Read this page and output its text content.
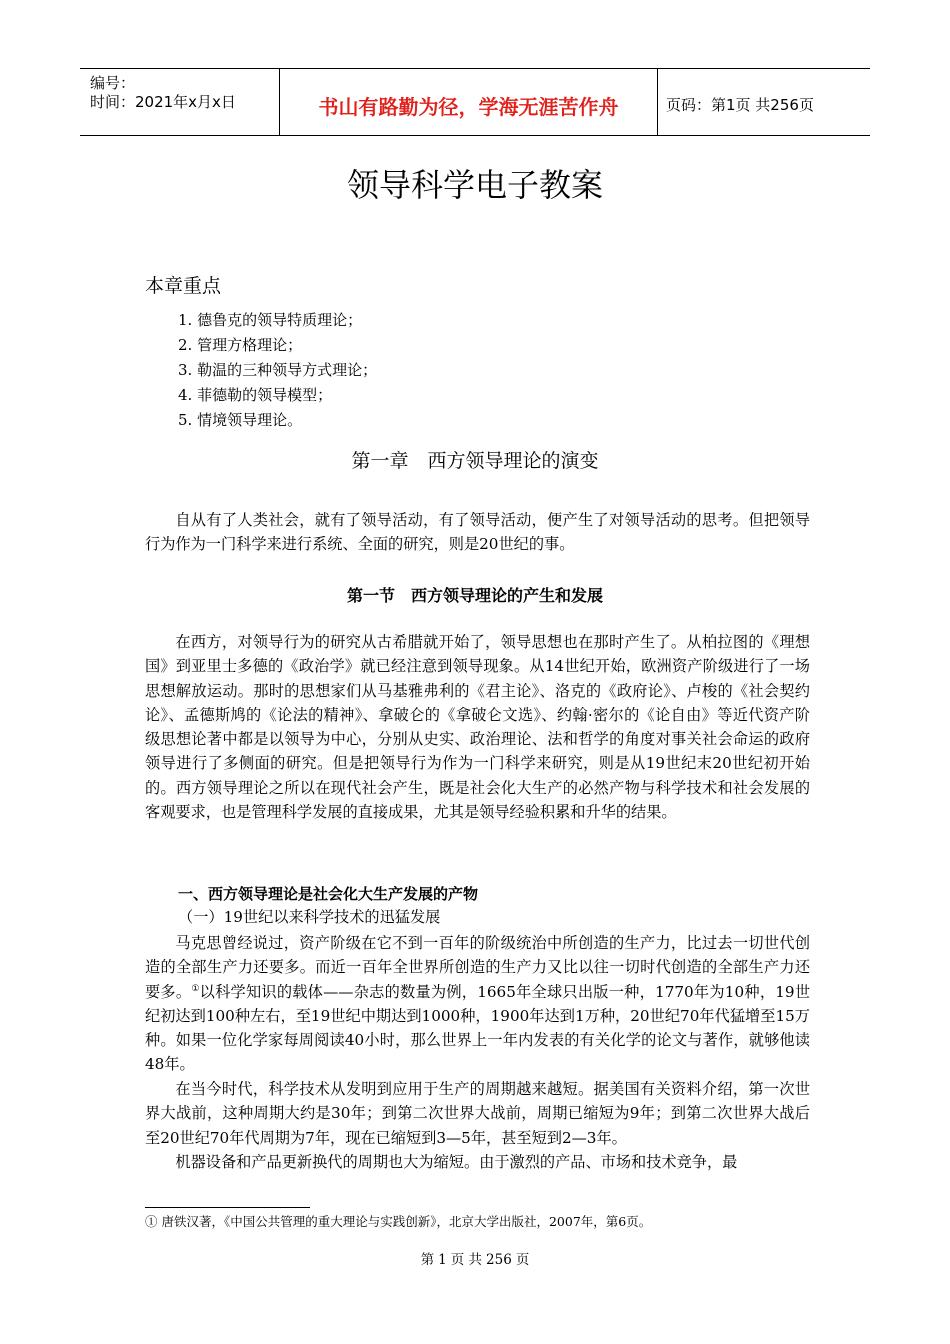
编号：
时间：2021年x月x日	书山有路勤为径，学海无涯苦作舟	页码：第1页 共256页
领导科学电子教案
本章重点
1. 德鲁克的领导特质理论；
2. 管理方格理论；
3. 勒温的三种领导方式理论；
4. 菲德勒的领导模型；
5. 情境领导理论。
第一章　西方领导理论的演变

自从有了人类社会，就有了领导活动，有了领导活动，便产生了对领导活动的思考。但把领导行为作为一门科学来进行系统、全面的研究，则是20世纪的事。

第一节　西方领导理论的产生和发展

在西方，对领导行为的研究从古希腊就开始了，领导思想也在那时产生了。从柏拉图的《理想国》到亚里士多德的《政治学》就已经注意到领导现象。从14世纪开始，欧洲资产阶级进行了一场思想解放运动。那时的思想家们从马基雅弗利的《君主论》、洛克的《政府论》、卢梭的《社会契约论》、孟德斯鸠的《论法的精神》、拿破仑的《拿破仑文选》、约翰·密尔的《论自由》等近代资产阶级思想论著中都是以领导为中心，分别从史实、政治理论、法和哲学的角度对事关社会命运的政府领导进行了多侧面的研究。但是把领导行为作为一门科学来研究，则是从19世纪末20世纪初开始的。西方领导理论之所以在现代社会产生，既是社会化大生产的必然产物与科学技术和社会发展的客观要求，也是管理科学发展的直接成果，尤其是领导经验积累和升华的结果。

一、西方领导理论是社会化大生产发展的产物
（一）19世纪以来科学技术的迅猛发展

马克思曾经说过，资产阶级在它不到一百年的阶级统治中所创造的生产力，比过去一切世代创造的全部生产力还要多。而近一百年全世界所创造的生产力又比以往一切时代创造的全部生产力还要多。①以科学知识的载体——杂志的数量为例，1665年全球只出版一种，1770年为10种，19世纪初达到100种左右，至19世纪中期达到1000种，1900年达到1万种，20世纪70年代猛增至15万种。如果一位化学家每周阅读40小时，那么世界上一年内发表的有关化学的论文与著作，就够他读48年。

在当今时代，科学技术从发明到应用于生产的周期越来越短。据美国有关资料介绍，第一次世界大战前，这种周期大约是30年；到第二次世界大战前，周期已缩短为9年；到第二次世界大战后至20世纪70年代周期为7年，现在已缩短到3—5年，甚至短到2—3年。

机器设备和产品更新换代的周期也大为缩短。由于激烈的产品、市场和技术竞争，最

① 唐铁汉著，《中国公共管理的重大理论与实践创新》，北京大学出版社，2007年，第6页。
第 1 页 共 256 页
